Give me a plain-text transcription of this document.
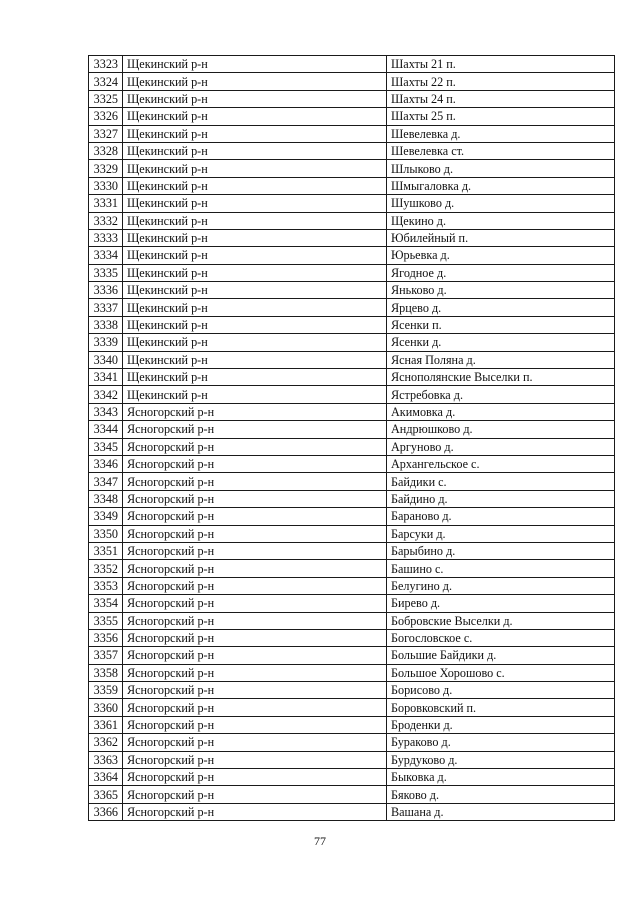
3323	Щекинский р-н	Шахты 21 п.
3324	Щекинский р-н	Шахты 22 п.
3325	Щекинский р-н	Шахты 24 п.
3326	Щекинский р-н	Шахты 25 п.
3327	Щекинский р-н	Шевелевка д.
3328	Щекинский р-н	Шевелевка ст.
3329	Щекинский р-н	Шлыково д.
3330	Щекинский р-н	Шмыгаловка д.
3331	Щекинский р-н	Шушково д.
3332	Щекинский р-н	Щекино д.
3333	Щекинский р-н	Юбилейный п.
3334	Щекинский р-н	Юрьевка д.
3335	Щекинский р-н	Ягодное д.
3336	Щекинский р-н	Яньково д.
3337	Щекинский р-н	Ярцево д.
3338	Щекинский р-н	Ясенки п.
3339	Щекинский р-н	Ясенки д.
3340	Щекинский р-н	Ясная Поляна д.
3341	Щекинский р-н	Яснополянские Выселки п.
3342	Щекинский р-н	Ястребовка д.
3343	Ясногорский р-н	Акимовка д.
3344	Ясногорский р-н	Андрюшково д.
3345	Ясногорский р-н	Аргуново д.
3346	Ясногорский р-н	Архангельское с.
3347	Ясногорский р-н	Байдики с.
3348	Ясногорский р-н	Байдино д.
3349	Ясногорский р-н	Бараново д.
3350	Ясногорский р-н	Барсуки д.
3351	Ясногорский р-н	Барыбино д.
3352	Ясногорский р-н	Башино с.
3353	Ясногорский р-н	Белугино д.
3354	Ясногорский р-н	Бирево д.
3355	Ясногорский р-н	Бобровские Выселки д.
3356	Ясногорский р-н	Богословское с.
3357	Ясногорский р-н	Большие Байдики д.
3358	Ясногорский р-н	Большое Хорошово с.
3359	Ясногорский р-н	Борисово д.
3360	Ясногорский р-н	Боровковский п.
3361	Ясногорский р-н	Броденки д.
3362	Ясногорский р-н	Бураково д.
3363	Ясногорский р-н	Бурдуково д.
3364	Ясногорский р-н	Быковка д.
3365	Ясногорский р-н	Бяково д.
3366	Ясногорский р-н	Вашана д.
77
